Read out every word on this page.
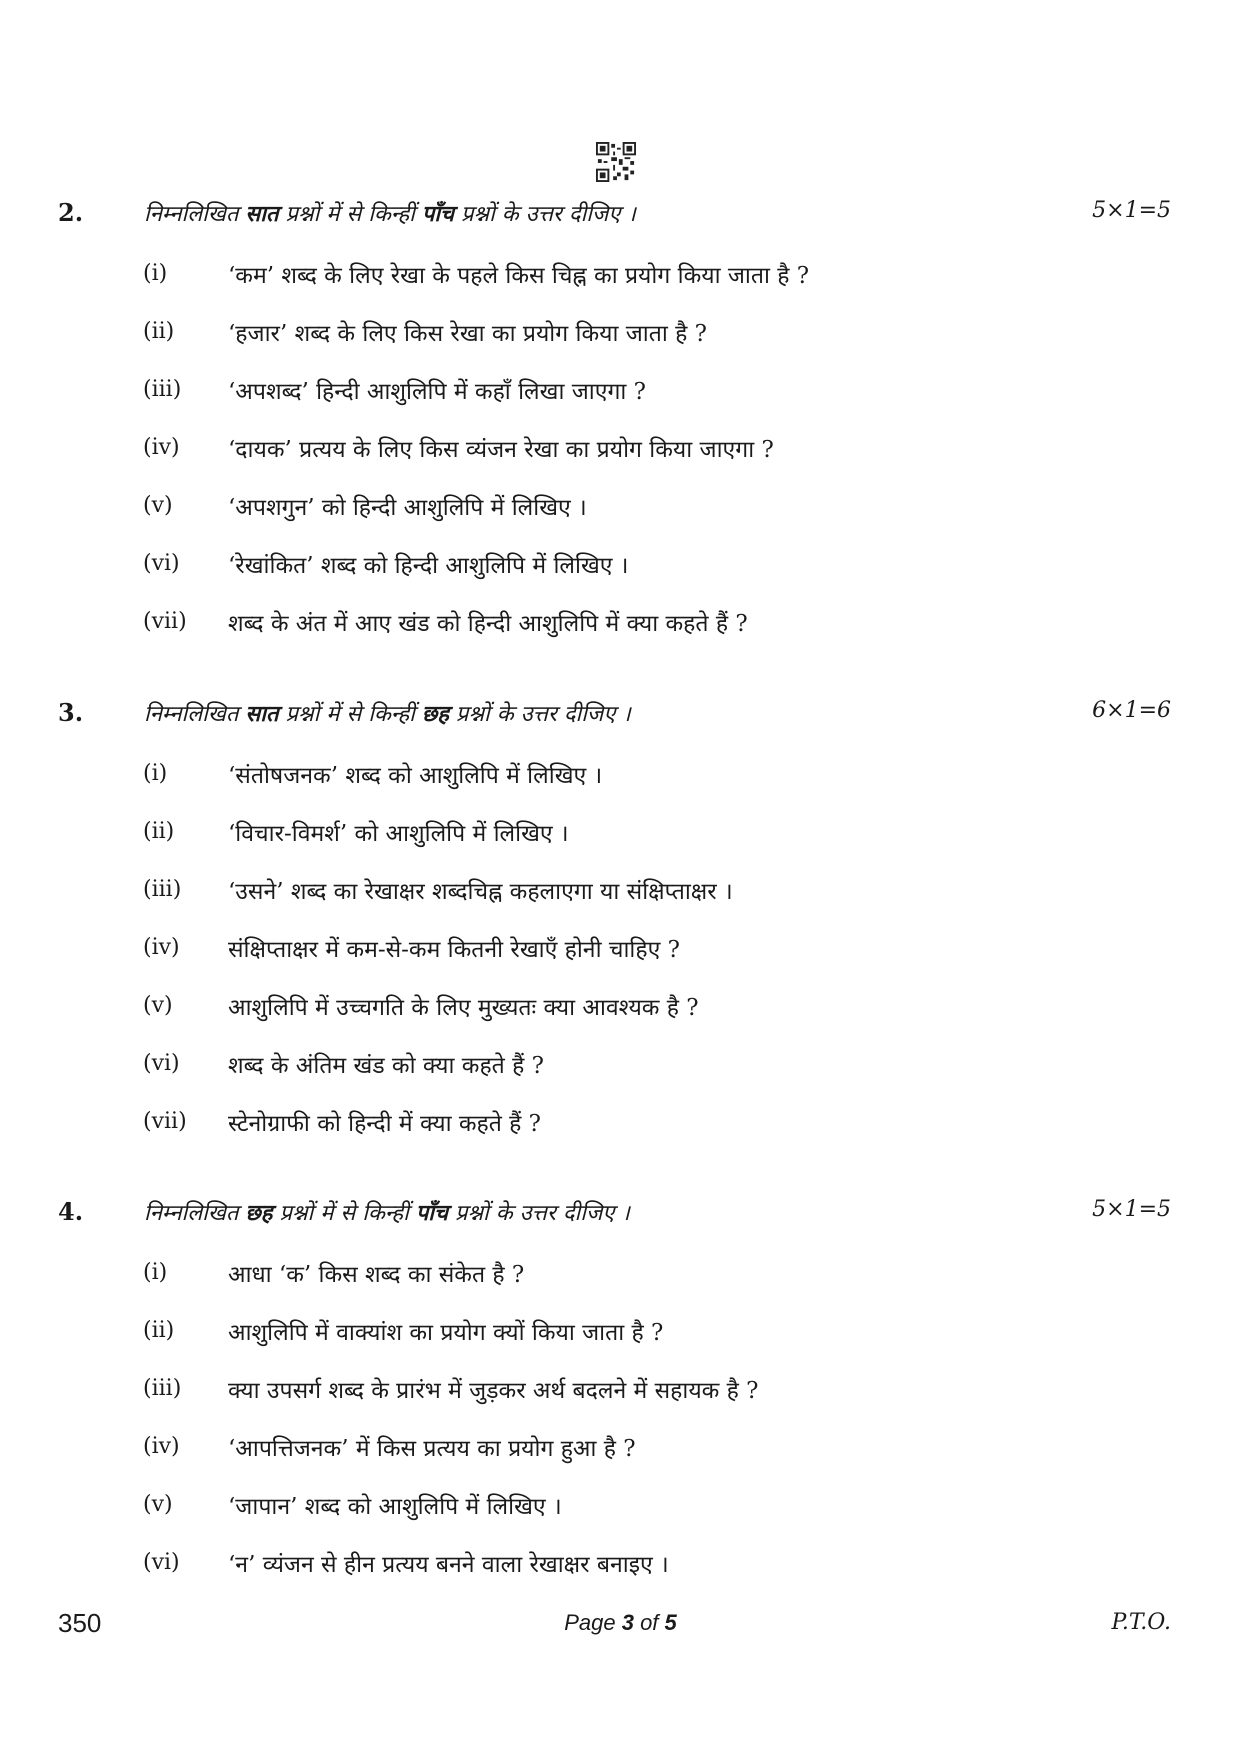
2.	निम्नलिखित सात प्रश्नों में से किन्हीं पाँच प्रश्नों के उत्तर दीजिए ।	5×1=5
(i)	‘कम’ शब्द के लिए रेखा के पहले किस चिह्न का प्रयोग किया जाता है ?
(ii) ‘हजार’ शब्द के लिए किस रेखा का प्रयोग किया जाता है ?
(iii) ‘अपशब्द’ हिन्दी आशुलिपि में कहाँ लिखा जाएगा ?
(iv) ‘दायक’ प्रत्यय के लिए किस व्यंजन रेखा का प्रयोग किया जाएगा ?
(v) ‘अपशगुन’ को हिन्दी आशुलिपि में लिखिए ।
(vi) ‘रेखांकित’ शब्द को हिन्दी आशुलिपि में लिखिए ।
(vii) शब्द के अंत में आए खंड को हिन्दी आशुलिपि में क्या कहते हैं ?
3.	निम्नलिखित सात प्रश्नों में से किन्हीं छह प्रश्नों के उत्तर दीजिए ।	6×1=6
(i)	‘संतोषजनक’ शब्द को आशुलिपि में लिखिए ।
(ii) ‘विचार-विमर्श’ को आशुलिपि में लिखिए ।
(iii) ‘उसने’ शब्द का रेखाक्षर शब्दचिह्न कहलाएगा या संक्षिप्ताक्षर ।
(iv) संक्षिप्ताक्षर में कम-से-कम कितनी रेखाएँ होनी चाहिए ?
(v) आशुलिपि में उच्चगति के लिए मुख्यतः क्या आवश्यक है ?
(vi) शब्द के अंतिम खंड को क्या कहते हैं ?
(vii) स्टेनोग्राफी को हिन्दी में क्या कहते हैं ?
4.	निम्नलिखित छह प्रश्नों में से किन्हीं पाँच प्रश्नों के उत्तर दीजिए ।	5×1=5
(i)	आधा ‘क’ किस शब्द का संकेत है ?
(ii) आशुलिपि में वाक्यांश का प्रयोग क्यों किया जाता है ?
(iii) क्या उपसर्ग शब्द के प्रारंभ में जुड़कर अर्थ बदलने में सहायक है ?
(iv) ‘आपत्तिजनक’ में किस प्रत्यय का प्रयोग हुआ है ?
(v) ‘जापान’ शब्द को आशुलिपि में लिखिए ।
(vi) ‘न’ व्यंजन से हीन प्रत्यय बनने वाला रेखाक्षर बनाइए ।
350	Page 3 of 5	P.T.O.
